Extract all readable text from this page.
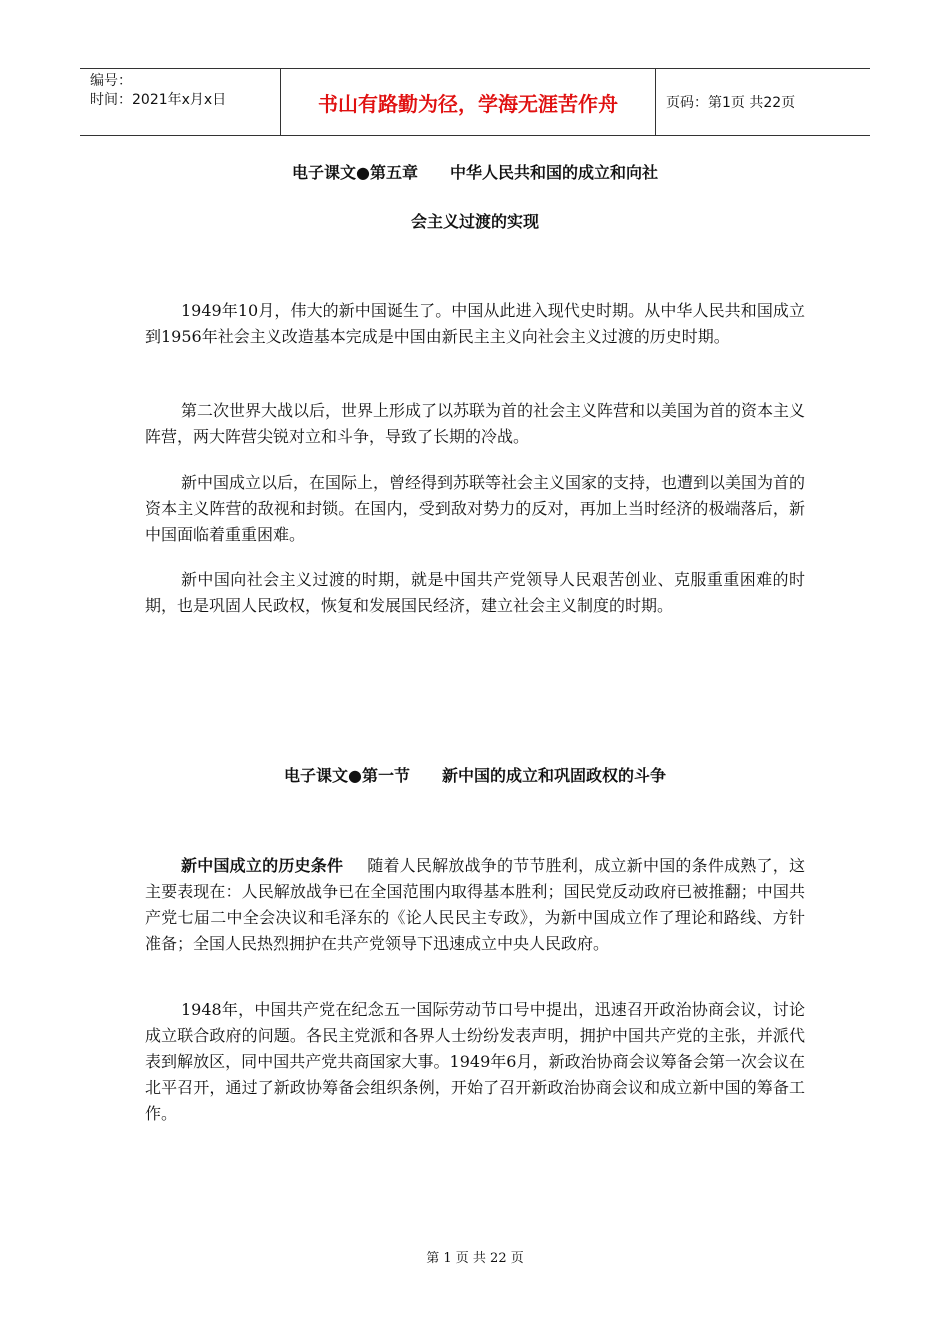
编号：
时间：2021年x月x日	书山有路勤为径，学海无涯苦作舟	页码：第1页 共22页
电子课文●第五章　　中华人民共和国的成立和向社
会主义过渡的实现

1949年10月，伟大的新中国诞生了。中国从此进入现代史时期。从中华人民共和国成立到1956年社会主义改造基本完成是中国由新民主主义向社会主义过渡的历史时期。

第二次世界大战以后，世界上形成了以苏联为首的社会主义阵营和以美国为首的资本主义阵营，两大阵营尖锐对立和斗争，导致了长期的冷战。

新中国成立以后，在国际上，曾经得到苏联等社会主义国家的支持，也遭到以美国为首的资本主义阵营的敌视和封锁。在国内，受到敌对势力的反对，再加上当时经济的极端落后，新中国面临着重重困难。

新中国向社会主义过渡的时期，就是中国共产党领导人民艰苦创业、克服重重困难的时期，也是巩固人民政权，恢复和发展国民经济，建立社会主义制度的时期。

电子课文●第一节　　新中国的成立和巩固政权的斗争

新中国成立的历史条件 随着人民解放战争的节节胜利，成立新中国的条件成熟了，这主要表现在：人民解放战争已在全国范围内取得基本胜利；国民党反动政府已被推翻；中国共产党七届二中全会决议和毛泽东的《论人民民主专政》，为新中国成立作了理论和路线、方针准备；全国人民热烈拥护在共产党领导下迅速成立中央人民政府。

1948年，中国共产党在纪念五一国际劳动节口号中提出，迅速召开政治协商会议，讨论成立联合政府的问题。各民主党派和各界人士纷纷发表声明，拥护中国共产党的主张，并派代表到解放区，同中国共产党共商国家大事。1949年6月，新政治协商会议筹备会第一次会议在北平召开，通过了新政协筹备会组织条例，开始了召开新政治协商会议和成立新中国的筹备工作。

第 1 页 共 22 页
